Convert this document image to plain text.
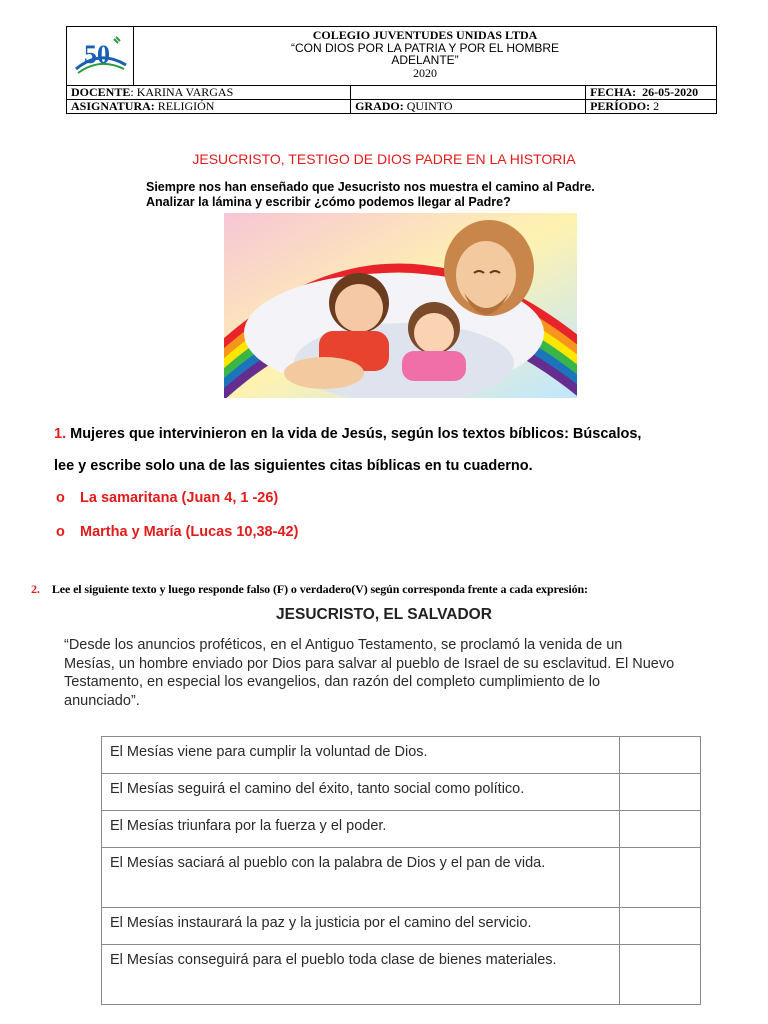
50	COLEGIO JUVENTUDES UNIDAS LTDA
“CON DIOS POR LA PATRIA Y POR EL HOMBRE
ADELANTE”
2020		

DOCENTE: KARINA VARGAS			FECHA: 26-05-2020
ASIGNATURA: RELIGIÓN		GRADO: QUINTO	PERÍODO: 2
JESUCRISTO, TESTIGO DE DIOS PADRE EN LA HISTORIA
Siempre nos han enseñado que Jesucristo nos muestra el camino al Padre.
Analizar la lámina y escribir ¿cómo podemos llegar al Padre?
1. Mujeres que intervinieron en la vida de Jesús, según los textos bíblicos: Búscalos,
lee y escribe solo una de las siguientes citas bíblicas en tu cuaderno.
o La samaritana (Juan 4, 1 -26)
o Martha y María (Lucas 10,38-42)
2. Lee el siguiente texto y luego responde falso (F) o verdadero(V) según corresponda frente a cada expresión:
JESUCRISTO, EL SALVADOR
“Desde los anuncios proféticos, en el Antiguo Testamento, se proclamó la venida de un Mesías, un hombre enviado por Dios para salvar al pueblo de Israel de su esclavitud. El Nuevo Testamento, en especial los evangelios, dan razón del completo cumplimiento de lo anunciado”.
El Mesías viene para cumplir la voluntad de Dios.	
El Mesías seguirá el camino del éxito, tanto social como político.	
El Mesías triunfara por la fuerza y el poder.	
El Mesías saciará al pueblo con la palabra de Dios y el pan de vida.	
El Mesías instaurará la paz y la justicia por el camino del servicio.	
El Mesías conseguirá para el pueblo toda clase de bienes materiales.	
